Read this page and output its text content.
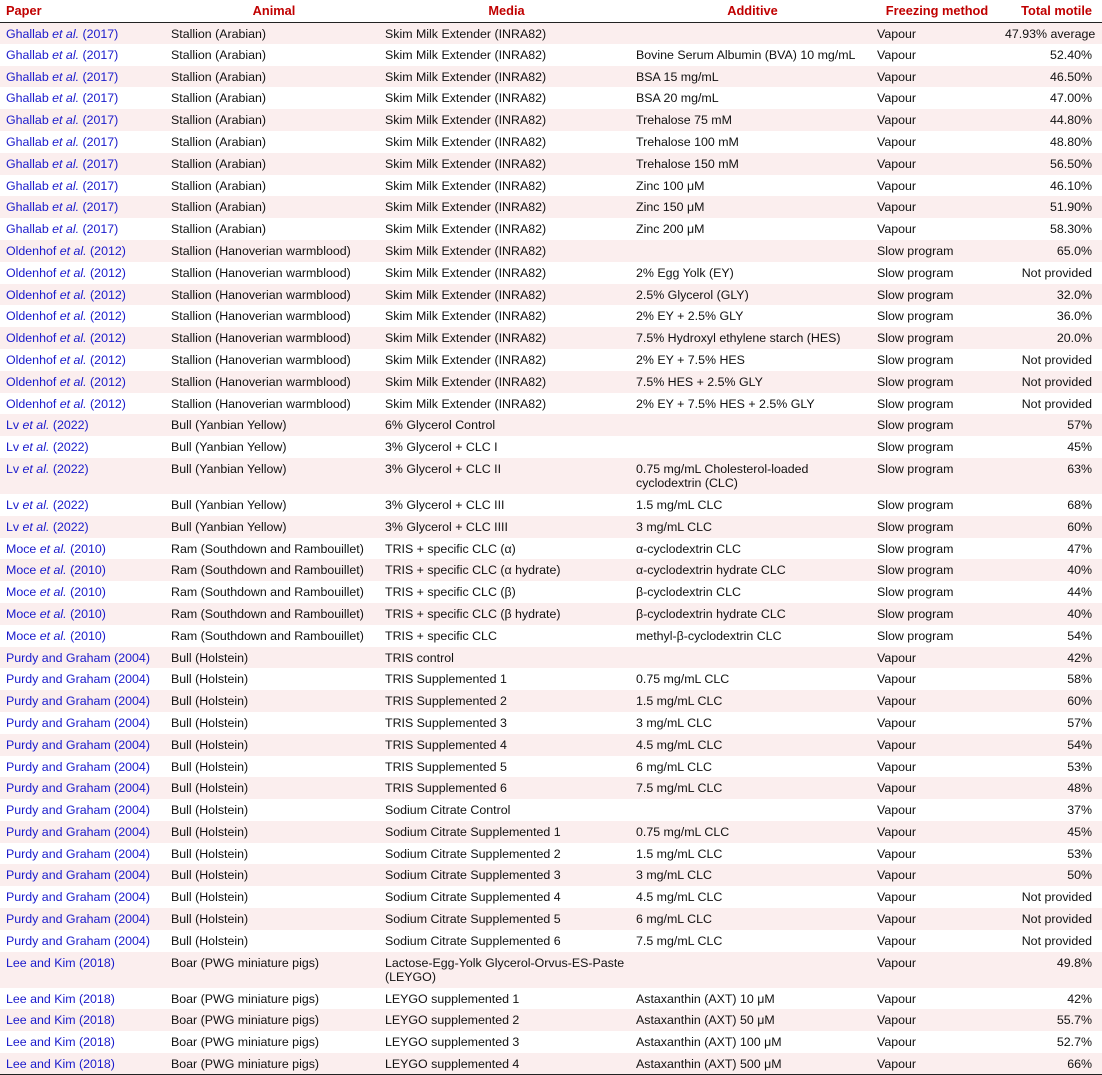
Paper	Animal	Media	Additive	Freezing method	Total motile
Ghallab et al. (2017)	Stallion (Arabian)	Skim Milk Extender (INRA82)		Vapour	47.93% average
Ghallab et al. (2017)	Stallion (Arabian)	Skim Milk Extender (INRA82)	Bovine Serum Albumin (BVA) 10 mg/mL	Vapour	52.40%
Ghallab et al. (2017)	Stallion (Arabian)	Skim Milk Extender (INRA82)	BSA 15 mg/mL	Vapour	46.50%
Ghallab et al. (2017)	Stallion (Arabian)	Skim Milk Extender (INRA82)	BSA 20 mg/mL	Vapour	47.00%
Ghallab et al. (2017)	Stallion (Arabian)	Skim Milk Extender (INRA82)	Trehalose 75 mM	Vapour	44.80%
Ghallab et al. (2017)	Stallion (Arabian)	Skim Milk Extender (INRA82)	Trehalose 100 mM	Vapour	48.80%
Ghallab et al. (2017)	Stallion (Arabian)	Skim Milk Extender (INRA82)	Trehalose 150 mM	Vapour	56.50%
Ghallab et al. (2017)	Stallion (Arabian)	Skim Milk Extender (INRA82)	Zinc 100 μM	Vapour	46.10%
Ghallab et al. (2017)	Stallion (Arabian)	Skim Milk Extender (INRA82)	Zinc 150 μM	Vapour	51.90%
Ghallab et al. (2017)	Stallion (Arabian)	Skim Milk Extender (INRA82)	Zinc 200 μM	Vapour	58.30%
Oldenhof et al. (2012)	Stallion (Hanoverian warmblood)	Skim Milk Extender (INRA82)		Slow program	65.0%
Oldenhof et al. (2012)	Stallion (Hanoverian warmblood)	Skim Milk Extender (INRA82)	2% Egg Yolk (EY)	Slow program	Not provided
Oldenhof et al. (2012)	Stallion (Hanoverian warmblood)	Skim Milk Extender (INRA82)	2.5% Glycerol (GLY)	Slow program	32.0%
Oldenhof et al. (2012)	Stallion (Hanoverian warmblood)	Skim Milk Extender (INRA82)	2% EY + 2.5% GLY	Slow program	36.0%
Oldenhof et al. (2012)	Stallion (Hanoverian warmblood)	Skim Milk Extender (INRA82)	7.5% Hydroxyl ethylene starch (HES)	Slow program	20.0%
Oldenhof et al. (2012)	Stallion (Hanoverian warmblood)	Skim Milk Extender (INRA82)	2% EY + 7.5% HES	Slow program	Not provided
Oldenhof et al. (2012)	Stallion (Hanoverian warmblood)	Skim Milk Extender (INRA82)	7.5% HES + 2.5% GLY	Slow program	Not provided
Oldenhof et al. (2012)	Stallion (Hanoverian warmblood)	Skim Milk Extender (INRA82)	2% EY + 7.5% HES + 2.5% GLY	Slow program	Not provided
Lv et al. (2022)	Bull (Yanbian Yellow)	6% Glycerol Control		Slow program	57%
Lv et al. (2022)	Bull (Yanbian Yellow)	3% Glycerol + CLC I		Slow program	45%
Lv et al. (2022)	Bull (Yanbian Yellow)	3% Glycerol + CLC II	0.75 mg/mL Cholesterol-loaded cyclodextrin (CLC)	Slow program	63%
Lv et al. (2022)	Bull (Yanbian Yellow)	3% Glycerol + CLC III	1.5 mg/mL CLC	Slow program	68%
Lv et al. (2022)	Bull (Yanbian Yellow)	3% Glycerol + CLC IIII	3 mg/mL CLC	Slow program	60%
Moce et al. (2010)	Ram (Southdown and Rambouillet)	TRIS + specific CLC (α)	α-cyclodextrin CLC	Slow program	47%
Moce et al. (2010)	Ram (Southdown and Rambouillet)	TRIS + specific CLC (α hydrate)	α-cyclodextrin hydrate CLC	Slow program	40%
Moce et al. (2010)	Ram (Southdown and Rambouillet)	TRIS + specific CLC (β)	β-cyclodextrin CLC	Slow program	44%
Moce et al. (2010)	Ram (Southdown and Rambouillet)	TRIS + specific CLC (β hydrate)	β-cyclodextrin hydrate CLC	Slow program	40%
Moce et al. (2010)	Ram (Southdown and Rambouillet)	TRIS + specific CLC	methyl-β-cyclodextrin CLC	Slow program	54%
Purdy and Graham (2004)	Bull (Holstein)	TRIS control		Vapour	42%
Purdy and Graham (2004)	Bull (Holstein)	TRIS Supplemented 1	0.75 mg/mL CLC	Vapour	58%
Purdy and Graham (2004)	Bull (Holstein)	TRIS Supplemented 2	1.5 mg/mL CLC	Vapour	60%
Purdy and Graham (2004)	Bull (Holstein)	TRIS Supplemented 3	3 mg/mL CLC	Vapour	57%
Purdy and Graham (2004)	Bull (Holstein)	TRIS Supplemented 4	4.5 mg/mL CLC	Vapour	54%
Purdy and Graham (2004)	Bull (Holstein)	TRIS Supplemented 5	6 mg/mL CLC	Vapour	53%
Purdy and Graham (2004)	Bull (Holstein)	TRIS Supplemented 6	7.5 mg/mL CLC	Vapour	48%
Purdy and Graham (2004)	Bull (Holstein)	Sodium Citrate Control		Vapour	37%
Purdy and Graham (2004)	Bull (Holstein)	Sodium Citrate Supplemented 1	0.75 mg/mL CLC	Vapour	45%
Purdy and Graham (2004)	Bull (Holstein)	Sodium Citrate Supplemented 2	1.5 mg/mL CLC	Vapour	53%
Purdy and Graham (2004)	Bull (Holstein)	Sodium Citrate Supplemented 3	3 mg/mL CLC	Vapour	50%
Purdy and Graham (2004)	Bull (Holstein)	Sodium Citrate Supplemented 4	4.5 mg/mL CLC	Vapour	Not provided
Purdy and Graham (2004)	Bull (Holstein)	Sodium Citrate Supplemented 5	6 mg/mL CLC	Vapour	Not provided
Purdy and Graham (2004)	Bull (Holstein)	Sodium Citrate Supplemented 6	7.5 mg/mL CLC	Vapour	Not provided
Lee and Kim (2018)	Boar (PWG miniature pigs)	Lactose-Egg-Yolk Glycerol-Orvus-ES-Paste (LEYGO)		Vapour	49.8%
Lee and Kim (2018)	Boar (PWG miniature pigs)	LEYGO supplemented 1	Astaxanthin (AXT) 10 μM	Vapour	42%
Lee and Kim (2018)	Boar (PWG miniature pigs)	LEYGO supplemented 2	Astaxanthin (AXT) 50 μM	Vapour	55.7%
Lee and Kim (2018)	Boar (PWG miniature pigs)	LEYGO supplemented 3	Astaxanthin (AXT) 100 μM	Vapour	52.7%
Lee and Kim (2018)	Boar (PWG miniature pigs)	LEYGO supplemented 4	Astaxanthin (AXT) 500 μM	Vapour	66%
